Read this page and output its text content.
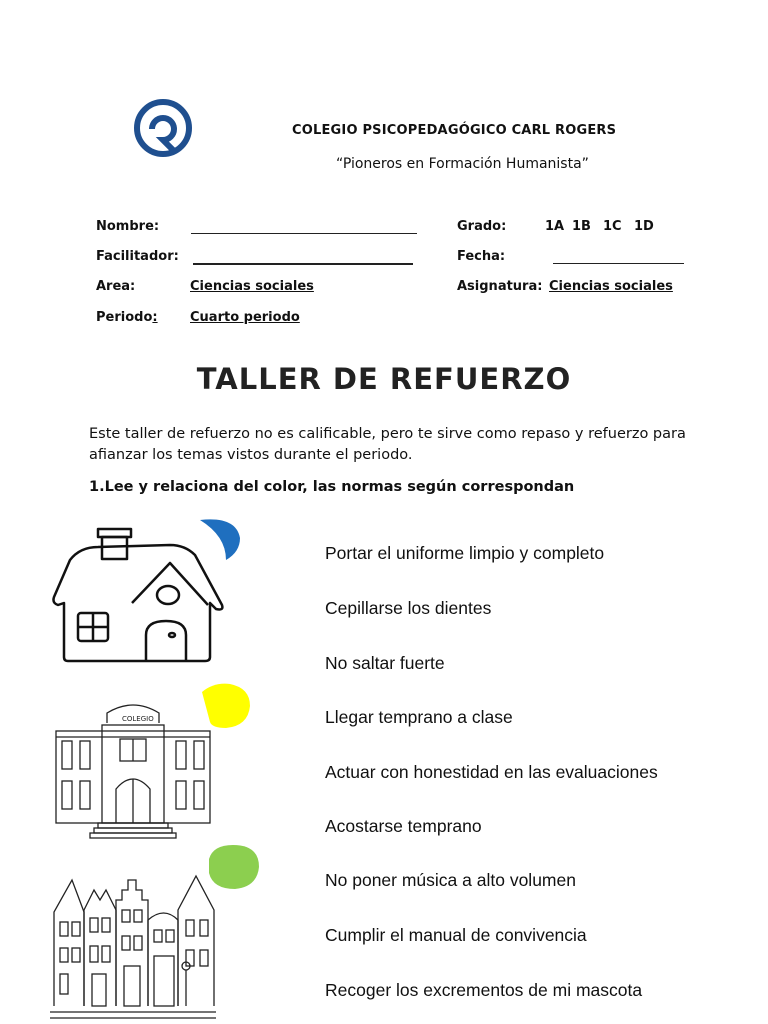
COLEGIO PSICOPEDAGÓGICO CARL ROGERS
“Pioneros en Formación Humanista”
Nombre:
Facilitador:
Area:	Ciencias sociales
Periodo: Cuarto periodo
Grado:	1A 1B 1C 1D
Fecha:
Asignatura: Ciencias sociales
TALLER DE REFUERZO
Este taller de refuerzo no es calificable, pero te sirve como repaso y refuerzo para afianzar los temas vistos durante el periodo.
1.Lee y relaciona del color, las normas según correspondan
COLEGIO
Portar el uniforme limpio y completo
Cepillarse los dientes
No saltar fuerte
Llegar temprano a clase
Actuar con honestidad en las evaluaciones
Acostarse temprano
No poner música a alto volumen
Cumplir el manual de convivencia
Recoger los excrementos de mi mascota
